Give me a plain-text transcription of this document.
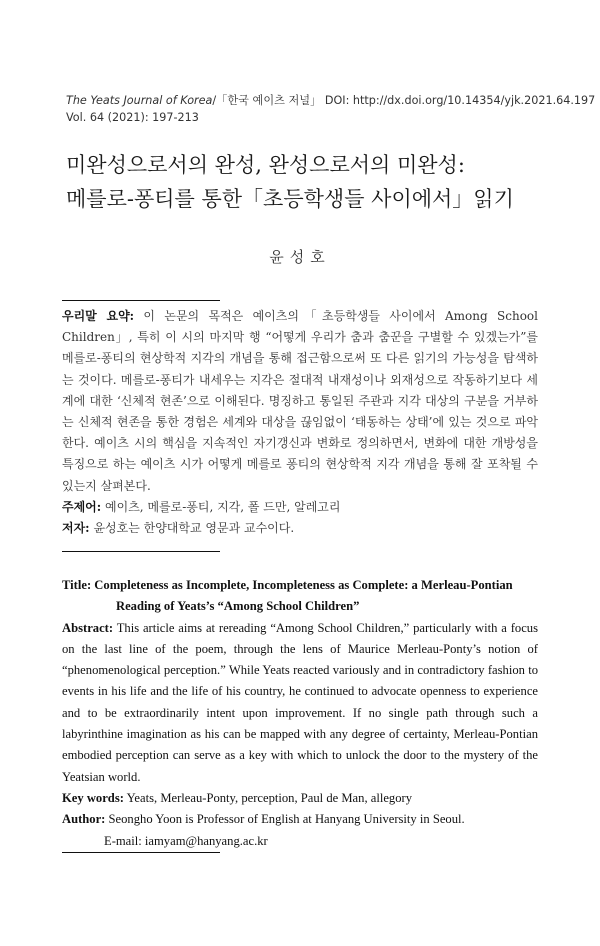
The Yeats Journal of Korea/「한국 예이츠 저널」 DOI: http://dx.doi.org/10.14354/yjk.2021.64.197
Vol. 64 (2021): 197-213
미완성으로서의 완성, 완성으로서의 미완성:
메를로-퐁티를 통한「초등학생들 사이에서」읽기
윤성호

우리말 요약: 이 논문의 목적은 예이츠의「초등학생들 사이에서 Among School Children」, 특히 이 시의 마지막 행 “어떻게 우리가 춤과 춤꾼을 구별할 수 있겠는가”를 메를로-퐁티의 현상학적 지각의 개념을 통해 접근함으로써 또 다른 읽기의 가능성을 탐색하는 것이다. 메를로-퐁티가 내세우는 지각은 절대적 내재성이나 외재성으로 작동하기보다 세계에 대한 ‘신체적 현존’으로 이해된다. 명징하고 통일된 주관과 지각 대상의 구분을 거부하는 신체적 현존을 통한 경험은 세계와 대상을 끊임없이 ‘태동하는 상태’에 있는 것으로 파악한다. 예이츠 시의 핵심을 지속적인 자기갱신과 변화로 정의하면서, 변화에 대한 개방성을 특징으로 하는 예이츠 시가 어떻게 메를로 퐁티의 현상학적 지각 개념을 통해 잘 포착될 수 있는지 살펴본다.

주제어: 예이츠, 메를로-퐁티, 지각, 폴 드만, 알레고리

저자: 윤성호는 한양대학교 영문과 교수이다.

Title: Completeness as Incomplete, Incompleteness as Complete: a Merleau-Pontian
Reading of Yeats’s “Among School Children”

Abstract: This article aims at rereading “Among School Children,” particularly with a focus on the last line of the poem, through the lens of Maurice Merleau-Ponty’s notion of “phenomenological perception.” While Yeats reacted variously and in contradictory fashion to events in his life and the life of his country, he continued to advocate openness to experience and to be extraordinarily intent upon improvement. If no single path through such a labyrinthine imagination as his can be mapped with any degree of certainty, Merleau-Pontian embodied perception can serve as a key with which to unlock the door to the mystery of the Yeatsian world.

Key words: Yeats, Merleau-Ponty, perception, Paul de Man, allegory

Author: Seongho Yoon is Professor of English at Hanyang University in Seoul.

E-mail: iamyam@hanyang.ac.kr
